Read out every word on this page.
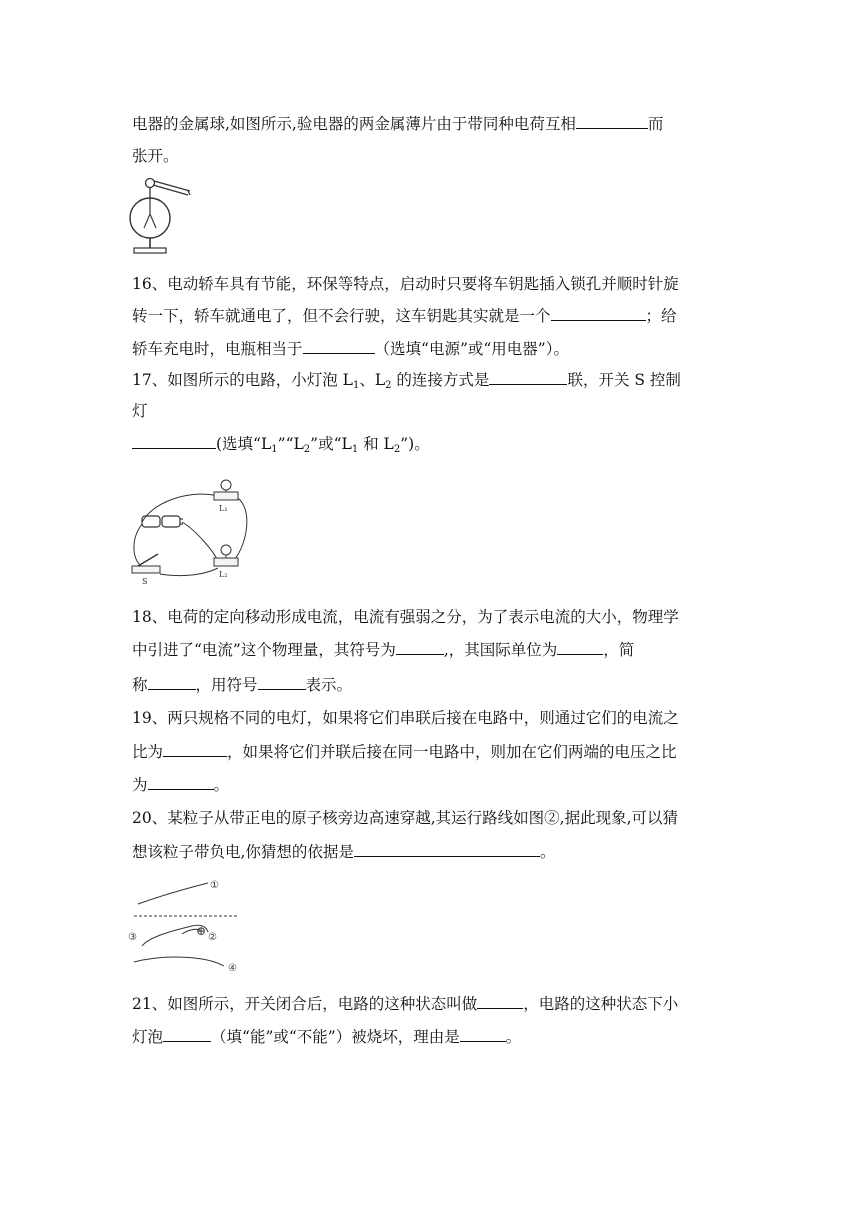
电器的金属球,如图所示,验电器的两金属薄片由于带同种电荷互相	而
张开。
16、电动轿车具有节能，环保等特点，启动时只要将车钥匙插入锁孔并顺时针旋
转一下，轿车就通电了，但不会行驶，这车钥匙其实就是一个	；给
轿车充电时，电瓶相当于	（选填“电源”或“用电器”）。
17、如图所示的电路，小灯泡 $L_1$、$L_2$ 的连接方式是	联，开关 S 控制
灯
(选填“$L_1”“L_2$”或“$L_1$ 和 $L_2$”)。
L₁
L₂
S
18、电荷的定向移动形成电流，电流有强弱之分，为了表示电流的大小，物理学
中引进了“电流”这个物理量，其符号为	,，其国际单位为	，简
称	，用符号	表示。
19、两只规格不同的电灯，如果将它们串联后接在电路中，则通过它们的电流之
比为	，如果将它们并联后接在同一电路中，则加在它们两端的电压之比
为	。
20、某粒子从带正电的原子核旁边高速穿越,其运行路线如图②,据此现象,可以猜
想该粒子带负电,你猜想的依据是	。
⊕
①
②
③
④
21、如图所示，开关闭合后，电路的这种状态叫做	，电路的这种状态下小
灯泡	（填“能”或“不能”）被烧坏，理由是	。
